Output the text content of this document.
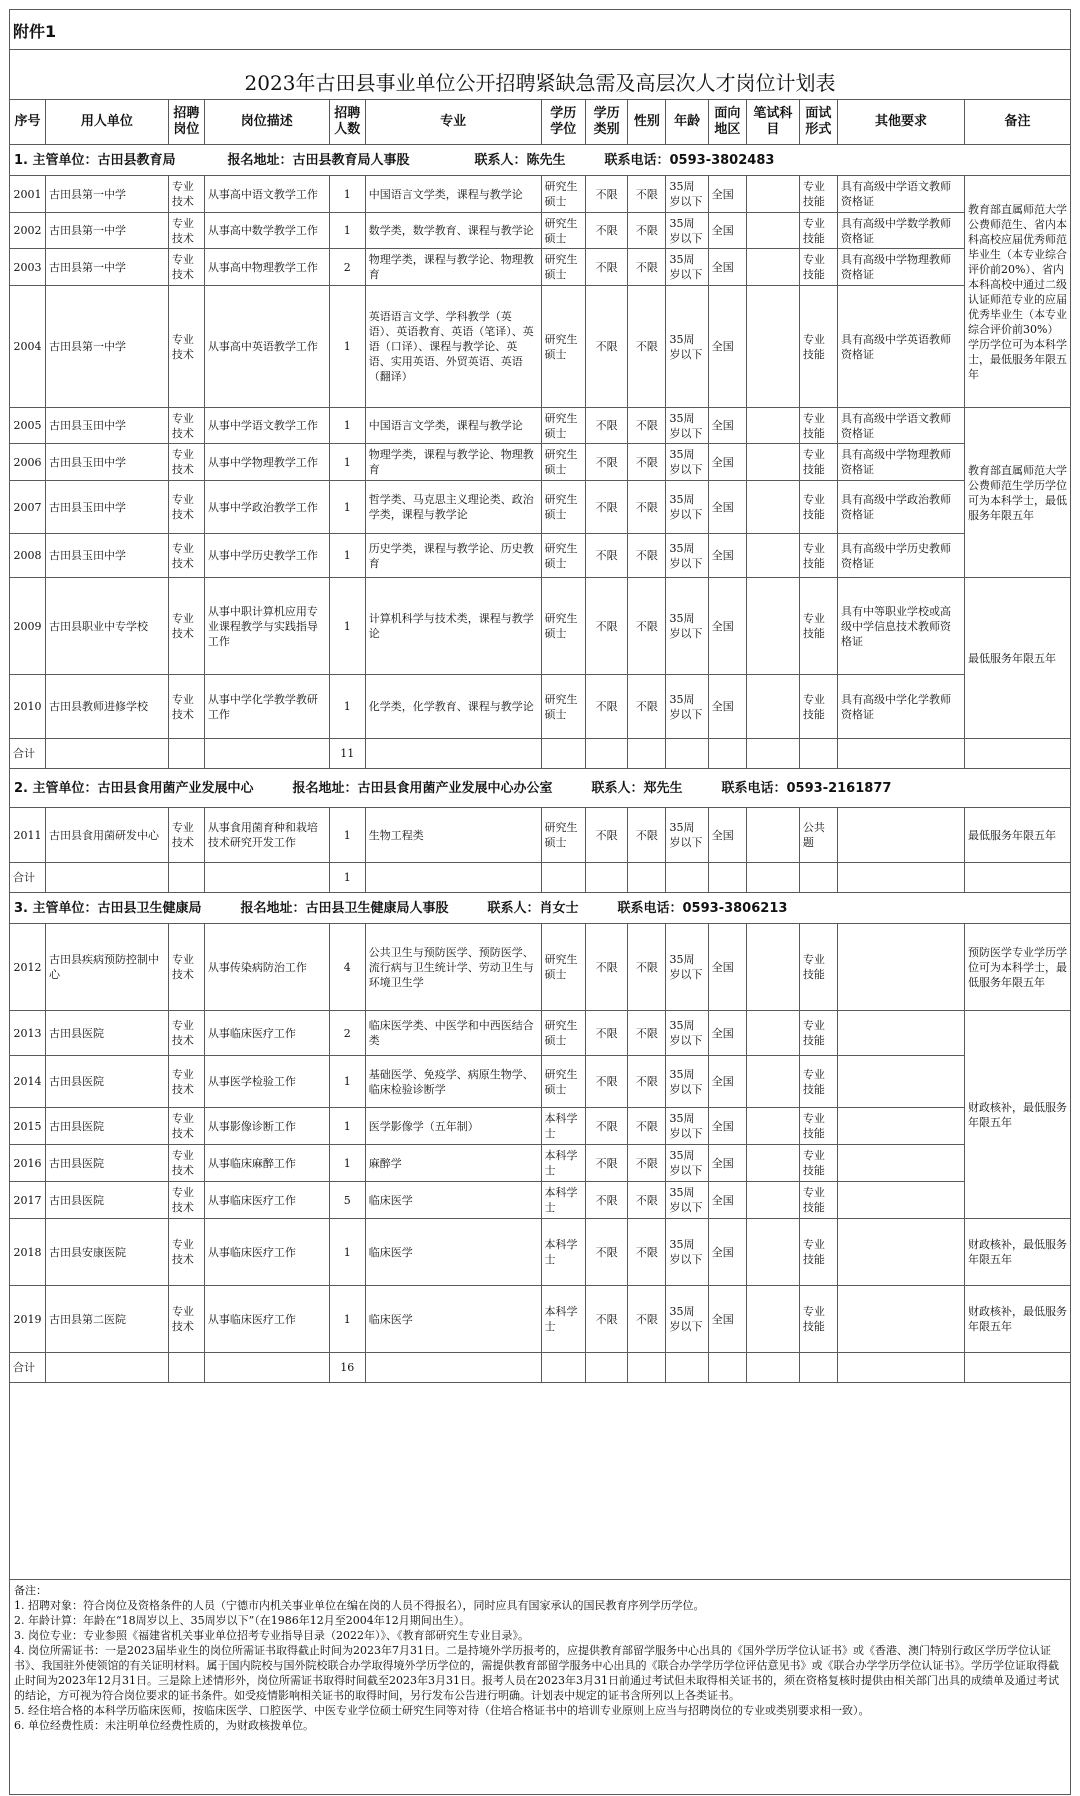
附件1
2023年古田县事业单位公开招聘紧缺急需及高层次人才岗位计划表
序号	用人单位	招聘岗位	岗位描述	招聘人数	专业	学历学位	学历类别	性别	年龄	面向地区	笔试科目	面试形式	其他要求	备注
1. 主管单位：古田县教育局　　　　报名地址：古田县教育局人事股　　　　　联系人：陈先生　　　联系电话：0593-3802483														
2001	古田县第一中学	专业技术	从事高中语文教学工作	1	中国语言文学类，课程与教学论	研究生硕士	不限	不限	35周岁以下	全国		专业技能	具有高级中学语文教师资格证	教育部直属师范大学公费师范生、省内本科高校应届优秀师范毕业生（本专业综合评价前20%）、省内本科高校中通过二级认证师范专业的应届优秀毕业生（本专业综合评价前30%）学历学位可为本科学士，最低服务年限五年
2002	古田县第一中学	专业技术	从事高中数学教学工作	1	数学类，数学教育、课程与教学论	研究生硕士	不限	不限	35周岁以下	全国		专业技能	具有高级中学数学教师资格证	
2003	古田县第一中学	专业技术	从事高中物理教学工作	2	物理学类，课程与教学论、物理教育	研究生硕士	不限	不限	35周岁以下	全国		专业技能	具有高级中学物理教师资格证	
2004	古田县第一中学	专业技术	从事高中英语教学工作	1	英语语言文学、学科教学（英语）、英语教育、英语（笔译）、英语（口译）、课程与教学论、英语、实用英语、外贸英语、英语（翻译）	研究生硕士	不限	不限	35周岁以下	全国		专业技能	具有高级中学英语教师资格证	
2005	古田县玉田中学	专业技术	从事中学语文教学工作	1	中国语言文学类，课程与教学论	研究生硕士	不限	不限	35周岁以下	全国		专业技能	具有高级中学语文教师资格证	教育部直属师范大学公费师范生学历学位可为本科学士，最低服务年限五年
2006	古田县玉田中学	专业技术	从事中学物理教学工作	1	物理学类，课程与教学论、物理教育	研究生硕士	不限	不限	35周岁以下	全国		专业技能	具有高级中学物理教师资格证	
2007	古田县玉田中学	专业技术	从事中学政治教学工作	1	哲学类、马克思主义理论类、政治学类，课程与教学论	研究生硕士	不限	不限	35周岁以下	全国		专业技能	具有高级中学政治教师资格证	
2008	古田县玉田中学	专业技术	从事中学历史教学工作	1	历史学类，课程与教学论、历史教育	研究生硕士	不限	不限	35周岁以下	全国		专业技能	具有高级中学历史教师资格证	
2009	古田县职业中专学校	专业技术	从事中职计算机应用专业课程教学与实践指导工作	1	计算机科学与技术类，课程与教学论	研究生硕士	不限	不限	35周岁以下	全国		专业技能	具有中等职业学校或高级中学信息技术教师资格证	最低服务年限五年
2010	古田县教师进修学校	专业技术	从事中学化学教学教研工作	1	化学类，化学教育、课程与教学论	研究生硕士	不限	不限	35周岁以下	全国		专业技能	具有高级中学化学教师资格证	
合计				11										
2. 主管单位：古田县食用菌产业发展中心　　　报名地址：古田县食用菌产业发展中心办公室　　　联系人：郑先生　　　联系电话：0593-2161877														
2011	古田县食用菌研发中心	专业技术	从事食用菌育种和栽培技术研究开发工作	1	生物工程类	研究生硕士	不限	不限	35周岁以下	全国		公共题		最低服务年限五年
合计				1										
3. 主管单位：古田县卫生健康局　　　报名地址：古田县卫生健康局人事股　　　联系人：肖女士　　　联系电话：0593-3806213														
2012	古田县疾病预防控制中心	专业技术	从事传染病防治工作	4	公共卫生与预防医学、预防医学、流行病与卫生统计学、劳动卫生与环境卫生学	研究生硕士	不限	不限	35周岁以下	全国		专业技能		预防医学专业学历学位可为本科学士，最低服务年限五年
2013	古田县医院	专业技术	从事临床医疗工作	2	临床医学类、中医学和中西医结合类	研究生硕士	不限	不限	35周岁以下	全国		专业技能		财政核补，最低服务年限五年
2014	古田县医院	专业技术	从事医学检验工作	1	基础医学、免疫学、病原生物学、临床检验诊断学	研究生硕士	不限	不限	35周岁以下	全国		专业技能		
2015	古田县医院	专业技术	从事影像诊断工作	1	医学影像学（五年制）	本科学士	不限	不限	35周岁以下	全国		专业技能		
2016	古田县医院	专业技术	从事临床麻醉工作	1	麻醉学	本科学士	不限	不限	35周岁以下	全国		专业技能		
2017	古田县医院	专业技术	从事临床医疗工作	5	临床医学	本科学士	不限	不限	35周岁以下	全国		专业技能		
2018	古田县安康医院	专业技术	从事临床医疗工作	1	临床医学	本科学士	不限	不限	35周岁以下	全国		专业技能		财政核补，最低服务年限五年
2019	古田县第二医院	专业技术	从事临床医疗工作	1	临床医学	本科学士	不限	不限	35周岁以下	全国		专业技能		财政核补，最低服务年限五年
合计				16										
备注：
1. 招聘对象：符合岗位及资格条件的人员（宁德市内机关事业单位在编在岗的人员不得报名），同时应具有国家承认的国民教育序列学历学位。
2. 年龄计算：年龄在“18周岁以上、35周岁以下”（在1986年12月至2004年12月期间出生）。
3. 岗位专业：专业参照《福建省机关事业单位招考专业指导目录（2022年）》、《教育部研究生专业目录》。
4. 岗位所需证书：一是2023届毕业生的岗位所需证书取得截止时间为2023年7月31日。二是持境外学历报考的，应提供教育部留学服务中心出具的《国外学历学位认证书》或《香港、澳门特别行政区学历学位认证书》、我国驻外使领馆的有关证明材料。属于国内院校与国外院校联合办学取得境外学历学位的，需提供教育部留学服务中心出具的《联合办学学历学位评估意见书》或《联合办学学历学位认证书》。学历学位证取得截止时间为2023年12月31日。三是除上述情形外，岗位所需证书取得时间截至2023年3月31日。报考人员在2023年3月31日前通过考试但未取得相关证书的，须在资格复核时提供由相关部门出具的成绩单及通过考试的结论，方可视为符合岗位要求的证书条件。如受疫情影响相关证书的取得时间，另行发布公告进行明确。计划表中规定的证书含所列以上各类证书。
5. 经住培合格的本科学历临床医师，按临床医学、口腔医学、中医专业学位硕士研究生同等对待（住培合格证书中的培训专业原则上应当与招聘岗位的专业或类别要求相一致）。
6. 单位经费性质：未注明单位经费性质的，为财政核拨单位。
